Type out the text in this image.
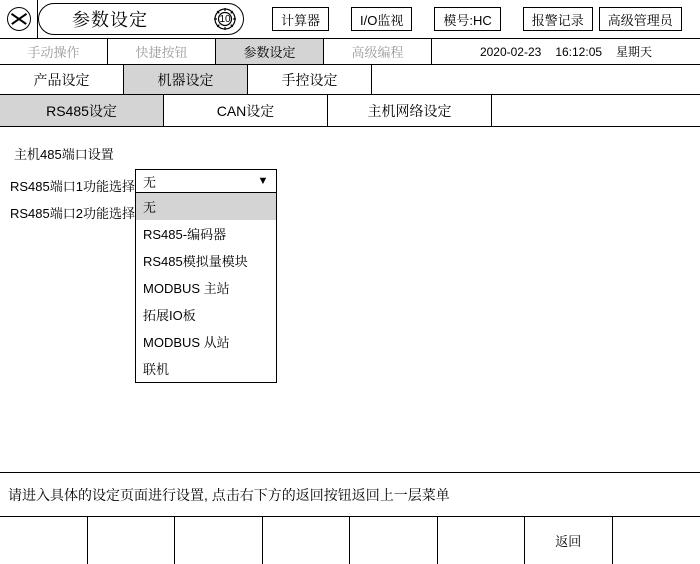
参数设定	10	计算器	I/O监视	模号:HC	报警记录	高级管理员
手动操作	快捷按钮	参数设定	高级编程	2020-02-23 16:12:05 星期天
产品设定	机器设定	手控设定
RS485设定	CAN设定	主机网络设定
主机485端口设置
RS485端口1功能选择
RS485端口2功能选择
无	▼
无
RS485-编码器
RS485模拟量模块
MODBUS 主站
拓展IO板
MODBUS 从站
联机
请进入具体的设定页面进行设置, 点击右下方的返回按钮返回上一层菜单
返回
